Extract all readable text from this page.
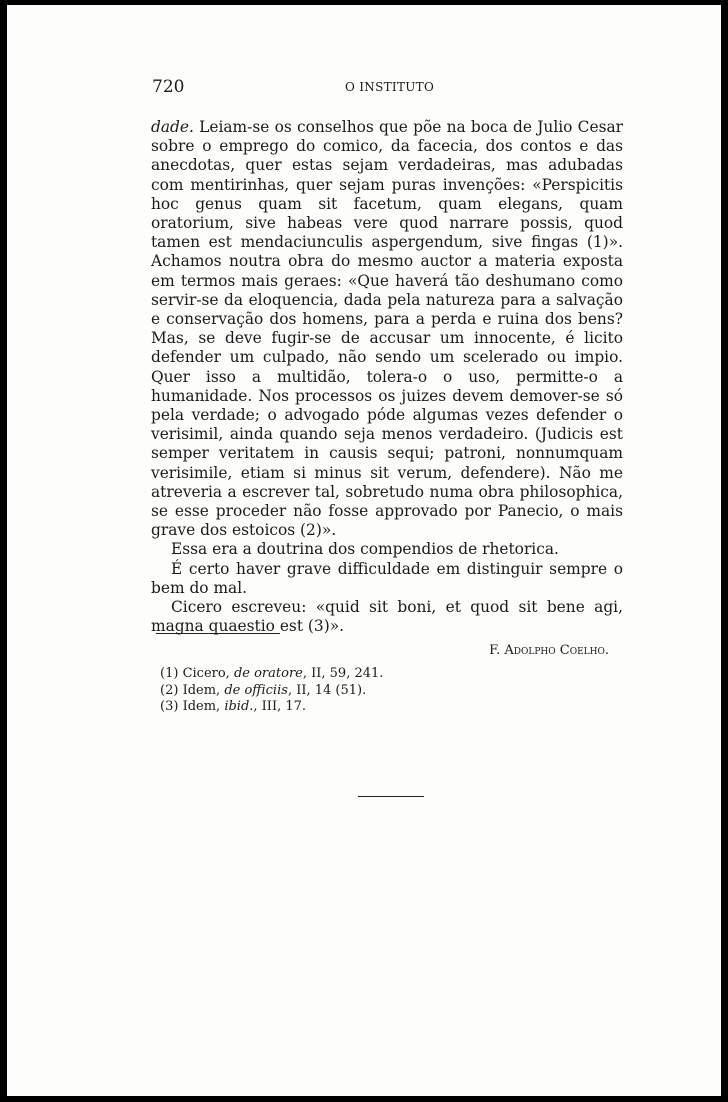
720	O INSTITUTO

dade. Leiam-se os conselhos que põe na boca de Julio Cesar sobre o emprego do comico, da facecia, dos contos e das anecdotas, quer estas sejam verdadeiras, mas adubadas com mentirinhas, quer sejam puras invenções: «Perspicitis hoc genus quam sit facetum, quam elegans, quam oratorium, sive habeas vere quod narrare possis, quod tamen est mendaciunculis aspergendum, sive fingas (1)». Achamos noutra obra do mesmo auctor a materia exposta em termos mais geraes: «Que haverá tão deshumano como servir-se da eloquencia, dada pela natureza para a salvação e conservação dos homens, para a perda e ruina dos bens? Mas, se deve fugir-se de accusar um innocente, é licito defender um culpado, não sendo um scelerado ou impio. Quer isso a multidão, tolera-o o uso, permitte-o a humanidade. Nos processos os juizes devem demover-se só pela verdade; o advogado póde algumas vezes defender o verisimil, ainda quando seja menos verdadeiro. (Judicis est semper veritatem in causis sequi; patroni, nonnumquam verisimile, etiam si minus sit verum, defendere). Não me atreveria a escrever tal, sobretudo numa obra philosophica, se esse proceder não fosse approvado por Panecio, o mais grave dos estoicos (2)».

Essa era a doutrina dos compendios de rhetorica.

É certo haver grave difficuldade em distinguir sempre o bem do mal.

Cicero escreveu: «quid sit boni, et quod sit bene agi, magna quaestio est (3)».

F. Adolpho Coelho.

(1) Cicero, de oratore, II, 59, 241.
(2) Idem, de officiis, II, 14 (51).
(3) Idem, ibid., III, 17.
